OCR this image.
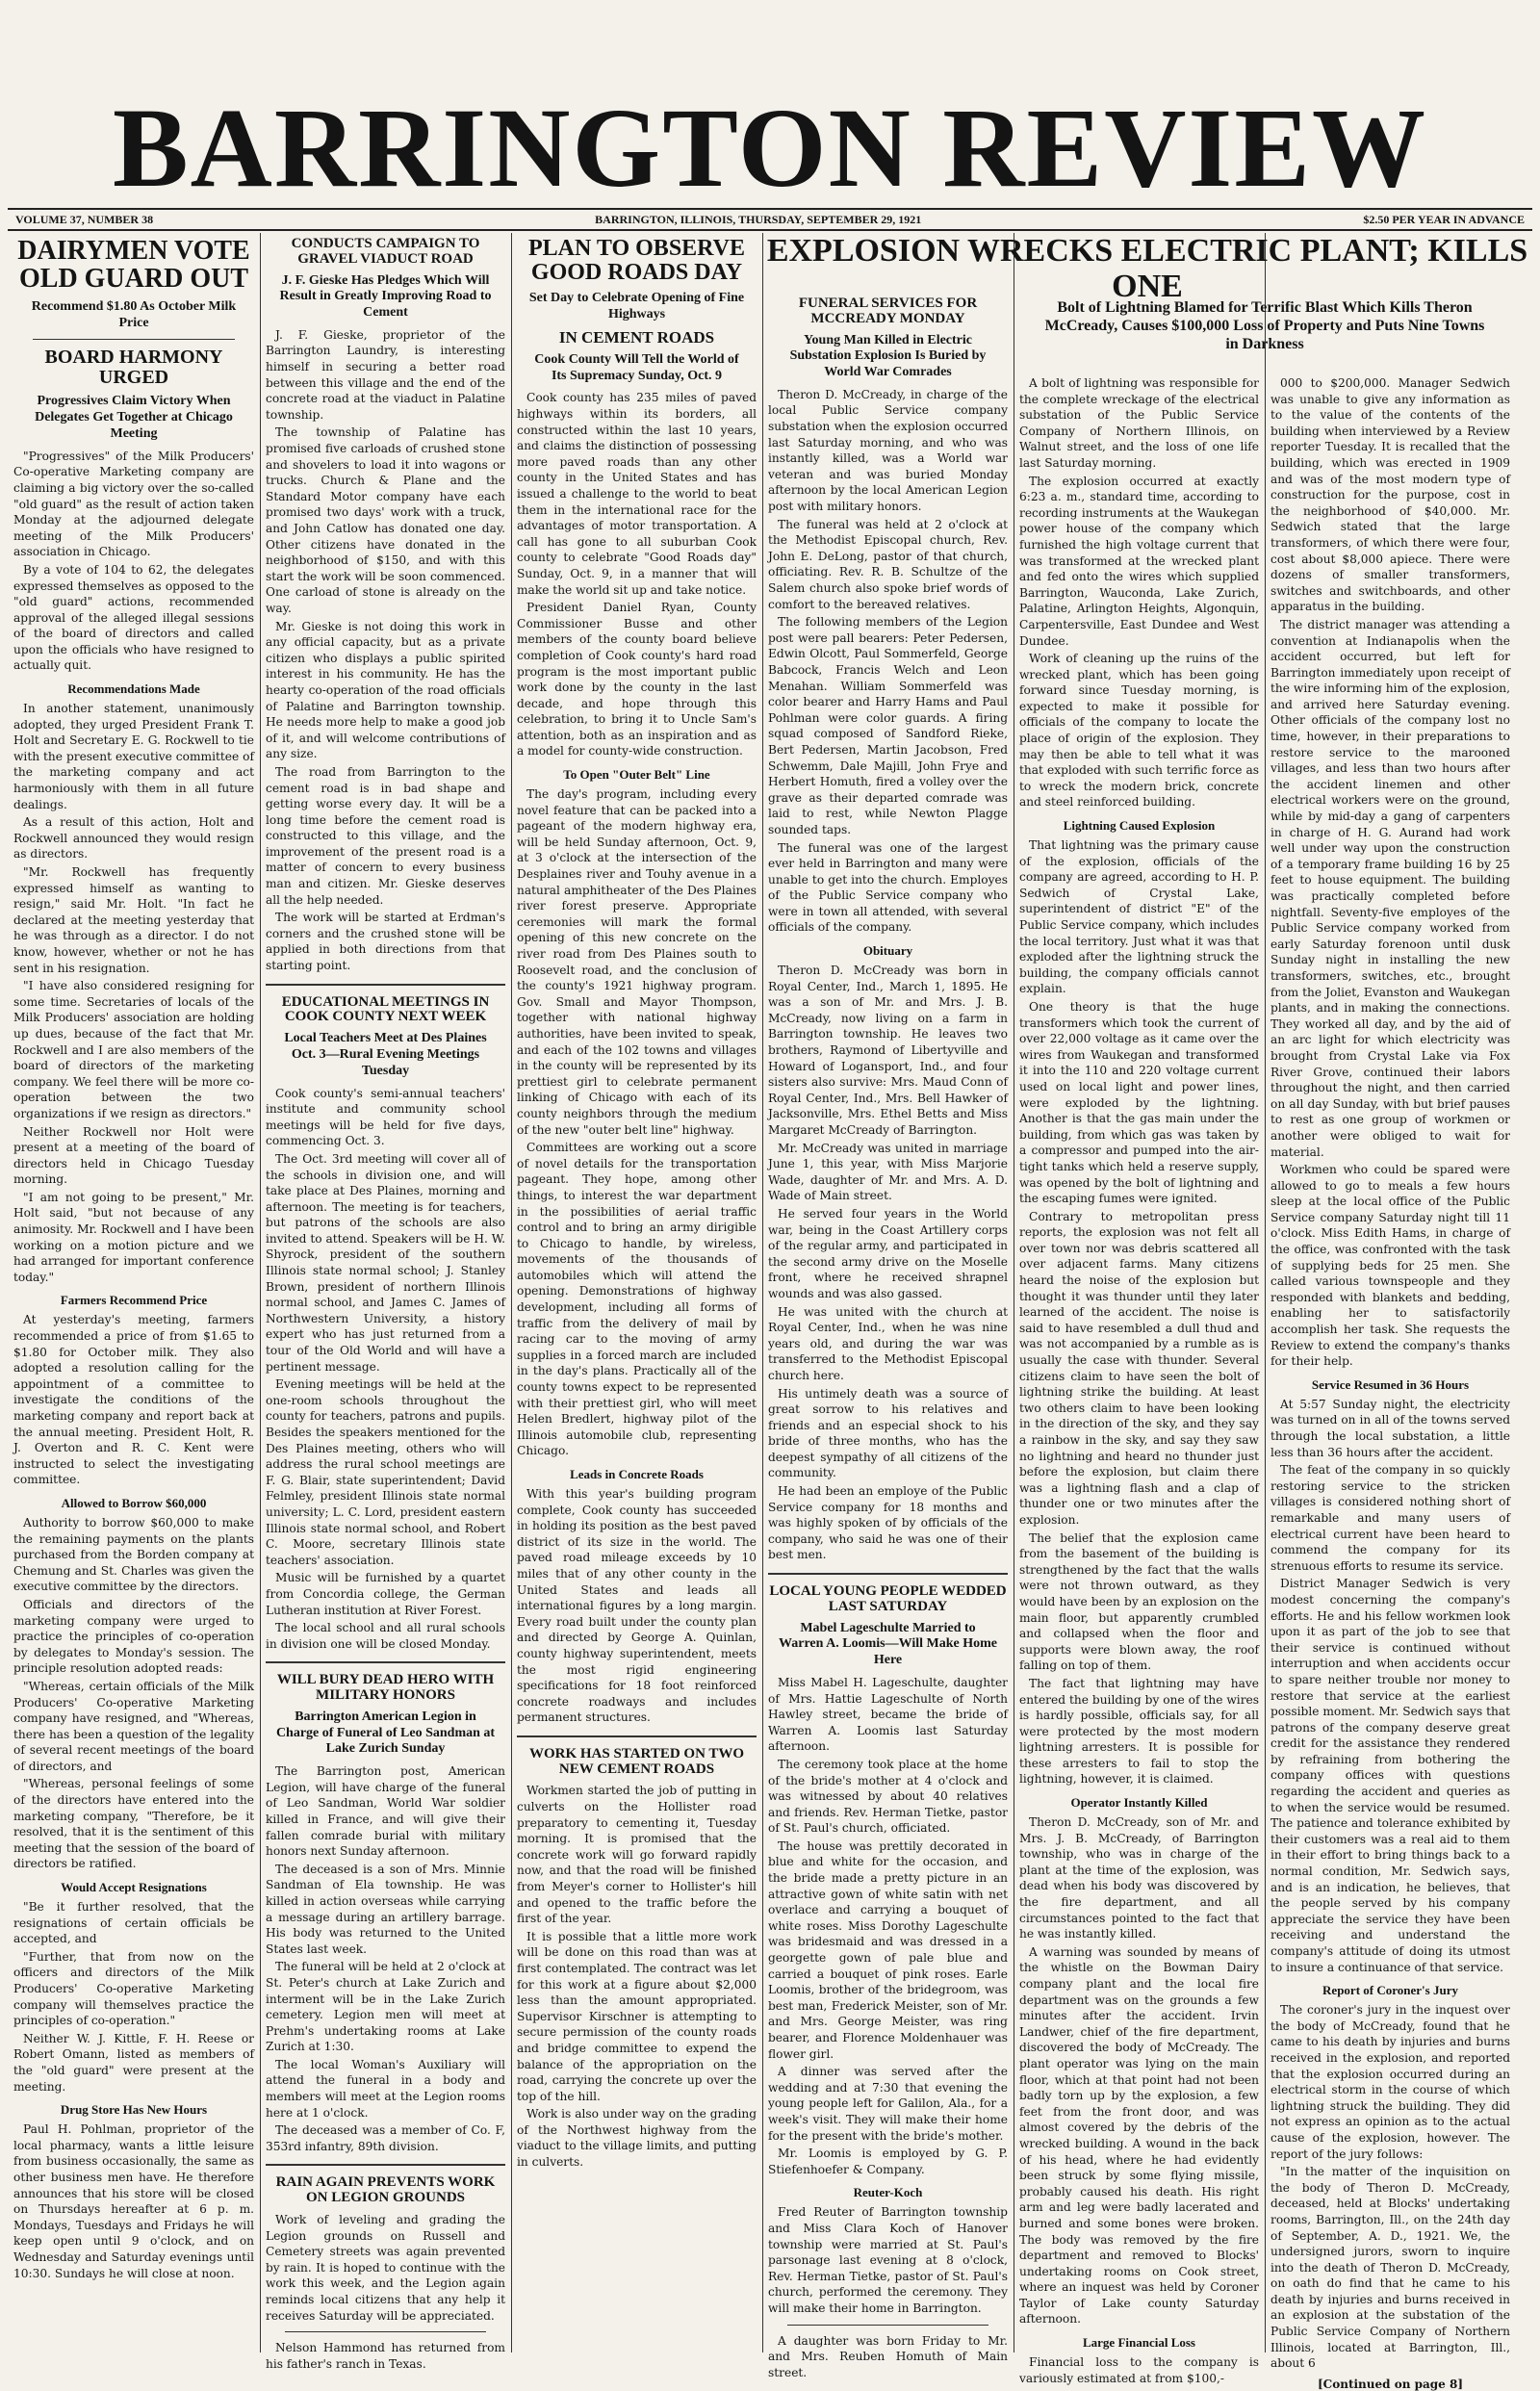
BARRINGTON REVIEW
VOLUME 37, NUMBER 38	BARRINGTON, ILLINOIS, THURSDAY, SEPTEMBER 29, 1921	$2.50 PER YEAR IN ADVANCE
DAIRYMEN VOTE OLD GUARD OUT
Recommend $1.80 As October Milk Price
BOARD HARMONY URGED
Progressives Claim Victory When Delegates Get Together at Chicago Meeting

"Progressives" of the Milk Producers' Co-operative Marketing company are claiming a big victory over the so-called "old guard" as the result of action taken Monday at the adjourned delegate meeting of the Milk Producers' association in Chicago.

By a vote of 104 to 62, the delegates expressed themselves as opposed to the "old guard" actions, recommended approval of the alleged illegal sessions of the board of directors and called upon the officials who have resigned to actually quit.

Recommendations Made

In another statement, unanimously adopted, they urged President Frank T. Holt and Secretary E. G. Rockwell to tie with the present executive committee of the marketing company and act harmoniously with them in all future dealings.

As a result of this action, Holt and Rockwell announced they would resign as directors.

"Mr. Rockwell has frequently expressed himself as wanting to resign," said Mr. Holt. "In fact he declared at the meeting yesterday that he was through as a director. I do not know, however, whether or not he has sent in his resignation.

"I have also considered resigning for some time. Secretaries of locals of the Milk Producers' association are holding up dues, because of the fact that Mr. Rockwell and I are also members of the board of directors of the marketing company. We feel there will be more co-operation between the two organizations if we resign as directors."

Neither Rockwell nor Holt were present at a meeting of the board of directors held in Chicago Tuesday morning.

"I am not going to be present," Mr. Holt said, "but not because of any animosity. Mr. Rockwell and I have been working on a motion picture and we had arranged for important conference today."

Farmers Recommend Price

At yesterday's meeting, farmers recommended a price of from $1.65 to $1.80 for October milk. They also adopted a resolution calling for the appointment of a committee to investigate the conditions of the marketing company and report back at the annual meeting. President Holt, R. J. Overton and R. C. Kent were instructed to select the investigating committee.

Allowed to Borrow $60,000

Authority to borrow $60,000 to make the remaining payments on the plants purchased from the Borden company at Chemung and St. Charles was given the executive committee by the directors.

Officials and directors of the marketing company were urged to practice the principles of co-operation by delegates to Monday's session. The principle resolution adopted reads:

"Whereas, certain officials of the Milk Producers' Co-operative Marketing company have resigned, and "Whereas, there has been a question of the legality of several recent meetings of the board of directors, and

"Whereas, personal feelings of some of the directors have entered into the marketing company, "Therefore, be it resolved, that it is the sentiment of this meeting that the session of the board of directors be ratified.

Would Accept Resignations

"Be it further resolved, that the resignations of certain officials be accepted, and

"Further, that from now on the officers and directors of the Milk Producers' Co-operative Marketing company will themselves practice the principles of co-operation."

Neither W. J. Kittle, F. H. Reese or Robert Omann, listed as members of the "old guard" were present at the meeting.

Drug Store Has New Hours

Paul H. Pohlman, proprietor of the local pharmacy, wants a little leisure from business occasionally, the same as other business men have. He therefore announces that his store will be closed on Thursdays hereafter at 6 p. m. Mondays, Tuesdays and Fridays he will keep open until 9 o'clock, and on Wednesday and Saturday evenings until 10:30. Sundays he will close at noon.

CONDUCTS CAMPAIGN TO GRAVEL VIADUCT ROAD
J. F. Gieske Has Pledges Which Will Result in Greatly Improving Road to Cement

J. F. Gieske, proprietor of the Barrington Laundry, is interesting himself in securing a better road between this village and the end of the concrete road at the viaduct in Palatine township.

The township of Palatine has promised five carloads of crushed stone and shovelers to load it into wagons or trucks. Church & Plane and the Standard Motor company have each promised two days' work with a truck, and John Catlow has donated one day. Other citizens have donated in the neighborhood of $150, and with this start the work will be soon commenced. One carload of stone is already on the way.

Mr. Gieske is not doing this work in any official capacity, but as a private citizen who displays a public spirited interest in his community. He has the hearty co-operation of the road officials of Palatine and Barrington township. He needs more help to make a good job of it, and will welcome contributions of any size.

The road from Barrington to the cement road is in bad shape and getting worse every day. It will be a long time before the cement road is constructed to this village, and the improvement of the present road is a matter of concern to every business man and citizen. Mr. Gieske deserves all the help needed.

The work will be started at Erdman's corners and the crushed stone will be applied in both directions from that starting point.

EDUCATIONAL MEETINGS IN COOK COUNTY NEXT WEEK
Local Teachers Meet at Des Plaines Oct. 3—Rural Evening Meetings Tuesday

Cook county's semi-annual teachers' institute and community school meetings will be held for five days, commencing Oct. 3.

The Oct. 3rd meeting will cover all of the schools in division one, and will take place at Des Plaines, morning and afternoon. The meeting is for teachers, but patrons of the schools are also invited to attend. Speakers will be H. W. Shyrock, president of the southern Illinois state normal school; J. Stanley Brown, president of northern Illinois normal school, and James C. James of Northwestern University, a history expert who has just returned from a tour of the Old World and will have a pertinent message.

Evening meetings will be held at the one-room schools throughout the county for teachers, patrons and pupils. Besides the speakers mentioned for the Des Plaines meeting, others who will address the rural school meetings are F. G. Blair, state superintendent; David Felmley, president Illinois state normal university; L. C. Lord, president eastern Illinois state normal school, and Robert C. Moore, secretary Illinois state teachers' association.

Music will be furnished by a quartet from Concordia college, the German Lutheran institution at River Forest.

The local school and all rural schools in division one will be closed Monday.

WILL BURY DEAD HERO WITH MILITARY HONORS
Barrington American Legion in Charge of Funeral of Leo Sandman at Lake Zurich Sunday

The Barrington post, American Legion, will have charge of the funeral of Leo Sandman, World War soldier killed in France, and will give their fallen comrade burial with military honors next Sunday afternoon.

The deceased is a son of Mrs. Minnie Sandman of Ela township. He was killed in action overseas while carrying a message during an artillery barrage. His body was returned to the United States last week.

The funeral will be held at 2 o'clock at St. Peter's church at Lake Zurich and interment will be in the Lake Zurich cemetery. Legion men will meet at Prehm's undertaking rooms at Lake Zurich at 1:30.

The local Woman's Auxiliary will attend the funeral in a body and members will meet at the Legion rooms here at 1 o'clock.

The deceased was a member of Co. F, 353rd infantry, 89th division.

RAIN AGAIN PREVENTS WORK ON LEGION GROUNDS

Work of leveling and grading the Legion grounds on Russell and Cemetery streets was again prevented by rain. It is hoped to continue with the work this week, and the Legion again reminds local citizens that any help it receives Saturday will be appreciated.

Nelson Hammond has returned from his father's ranch in Texas.

PLAN TO OBSERVE GOOD ROADS DAY
Set Day to Celebrate Opening of Fine Highways
IN CEMENT ROADS
Cook County Will Tell the World of Its Supremacy Sunday, Oct. 9

Cook county has 235 miles of paved highways within its borders, all constructed within the last 10 years, and claims the distinction of possessing more paved roads than any other county in the United States and has issued a challenge to the world to beat them in the international race for the advantages of motor transportation. A call has gone to all suburban Cook county to celebrate "Good Roads day" Sunday, Oct. 9, in a manner that will make the world sit up and take notice.

President Daniel Ryan, County Commissioner Busse and other members of the county board believe completion of Cook county's hard road program is the most important public work done by the county in the last decade, and hope through this celebration, to bring it to Uncle Sam's attention, both as an inspiration and as a model for county-wide construction.

To Open "Outer Belt" Line

The day's program, including every novel feature that can be packed into a pageant of the modern highway era, will be held Sunday afternoon, Oct. 9, at 3 o'clock at the intersection of the Desplaines river and Touhy avenue in a natural amphitheater of the Des Plaines river forest preserve. Appropriate ceremonies will mark the formal opening of this new concrete on the river road from Des Plaines south to Roosevelt road, and the conclusion of the county's 1921 highway program. Gov. Small and Mayor Thompson, together with national highway authorities, have been invited to speak, and each of the 102 towns and villages in the county will be represented by its prettiest girl to celebrate permanent linking of Chicago with each of its county neighbors through the medium of the new "outer belt line" highway.

Committees are working out a score of novel details for the transportation pageant. They hope, among other things, to interest the war department in the possibilities of aerial traffic control and to bring an army dirigible to Chicago to handle, by wireless, movements of the thousands of automobiles which will attend the opening. Demonstrations of highway development, including all forms of traffic from the delivery of mail by racing car to the moving of army supplies in a forced march are included in the day's plans. Practically all of the county towns expect to be represented with their prettiest girl, who will meet Helen Bredlert, highway pilot of the Illinois automobile club, representing Chicago.

Leads in Concrete Roads

With this year's building program complete, Cook county has succeeded in holding its position as the best paved district of its size in the world. The paved road mileage exceeds by 10 miles that of any other county in the United States and leads all international figures by a long margin. Every road built under the county plan and directed by George A. Quinlan, county highway superintendent, meets the most rigid engineering specifications for 18 foot reinforced concrete roadways and includes permanent structures.

WORK HAS STARTED ON TWO NEW CEMENT ROADS

Workmen started the job of putting in culverts on the Hollister road preparatory to cementing it, Tuesday morning. It is promised that the concrete work will go forward rapidly now, and that the road will be finished from Meyer's corner to Hollister's hill and opened to the traffic before the first of the year.

It is possible that a little more work will be done on this road than was at first contemplated. The contract was let for this work at a figure about $2,000 less than the amount appropriated. Supervisor Kirschner is attempting to secure permission of the county roads and bridge committee to expend the balance of the appropriation on the road, carrying the concrete up over the top of the hill.

Work is also under way on the grading of the Northwest highway from the viaduct to the village limits, and putting in culverts.

EXPLOSION WRECKS ELECTRIC PLANT; KILLS ONE
FUNERAL SERVICES FOR MCCREADY MONDAY
Young Man Killed in Electric Substation Explosion Is Buried by World War Comrades

Theron D. McCready, in charge of the local Public Service company substation when the explosion occurred last Saturday morning, and who was instantly killed, was a World war veteran and was buried Monday afternoon by the local American Legion post with military honors.

The funeral was held at 2 o'clock at the Methodist Episcopal church, Rev. John E. DeLong, pastor of that church, officiating. Rev. R. B. Schultze of the Salem church also spoke brief words of comfort to the bereaved relatives.

The following members of the Legion post were pall bearers: Peter Pedersen, Edwin Olcott, Paul Sommerfeld, George Babcock, Francis Welch and Leon Menahan. William Sommerfeld was color bearer and Harry Hams and Paul Pohlman were color guards. A firing squad composed of Sandford Rieke, Bert Pedersen, Martin Jacobson, Fred Schwemm, Dale Majill, John Frye and Herbert Homuth, fired a volley over the grave as their departed comrade was laid to rest, while Newton Plagge sounded taps.

The funeral was one of the largest ever held in Barrington and many were unable to get into the church. Employes of the Public Service company who were in town all attended, with several officials of the company.

Obituary

Theron D. McCready was born in Royal Center, Ind., March 1, 1895. He was a son of Mr. and Mrs. J. B. McCready, now living on a farm in Barrington township. He leaves two brothers, Raymond of Libertyville and Howard of Logansport, Ind., and four sisters also survive: Mrs. Maud Conn of Royal Center, Ind., Mrs. Bell Hawker of Jacksonville, Mrs. Ethel Betts and Miss Margaret McCready of Barrington.

Mr. McCready was united in marriage June 1, this year, with Miss Marjorie Wade, daughter of Mr. and Mrs. A. D. Wade of Main street.

He served four years in the World war, being in the Coast Artillery corps of the regular army, and participated in the second army drive on the Moselle front, where he received shrapnel wounds and was also gassed.

He was united with the church at Royal Center, Ind., when he was nine years old, and during the war was transferred to the Methodist Episcopal church here.

His untimely death was a source of great sorrow to his relatives and friends and an especial shock to his bride of three months, who has the deepest sympathy of all citizens of the community.

He had been an employe of the Public Service company for 18 months and was highly spoken of by officials of the company, who said he was one of their best men.

LOCAL YOUNG PEOPLE WEDDED LAST SATURDAY
Mabel Lageschulte Married to Warren A. Loomis—Will Make Home Here

Miss Mabel H. Lageschulte, daughter of Mrs. Hattie Lageschulte of North Hawley street, became the bride of Warren A. Loomis last Saturday afternoon.

The ceremony took place at the home of the bride's mother at 4 o'clock and was witnessed by about 40 relatives and friends. Rev. Herman Tietke, pastor of St. Paul's church, officiated.

The house was prettily decorated in blue and white for the occasion, and the bride made a pretty picture in an attractive gown of white satin with net overlace and carrying a bouquet of white roses. Miss Dorothy Lageschulte was bridesmaid and was dressed in a georgette gown of pale blue and carried a bouquet of pink roses. Earle Loomis, brother of the bridegroom, was best man, Frederick Meister, son of Mr. and Mrs. George Meister, was ring bearer, and Florence Moldenhauer was flower girl.

A dinner was served after the wedding and at 7:30 that evening the young people left for Galilon, Ala., for a week's visit. They will make their home for the present with the bride's mother.

Mr. Loomis is employed by G. P. Stiefenhoefer & Company.

Reuter-Koch

Fred Reuter of Barrington township and Miss Clara Koch of Hanover township were married at St. Paul's parsonage last evening at 8 o'clock, Rev. Herman Tietke, pastor of St. Paul's church, performed the ceremony. They will make their home in Barrington.

A daughter was born Friday to Mr. and Mrs. Reuben Homuth of Main street.

Bolt of Lightning Blamed for Terrific Blast Which Kills Theron McCready, Causes $100,000 Loss of Property and Puts Nine Towns in Darkness

A bolt of lightning was responsible for the complete wreckage of the electrical substation of the Public Service Company of Northern Illinois, on Walnut street, and the loss of one life last Saturday morning.

The explosion occurred at exactly 6:23 a. m., standard time, according to recording instruments at the Waukegan power house of the company which furnished the high voltage current that was transformed at the wrecked plant and fed onto the wires which supplied Barrington, Wauconda, Lake Zurich, Palatine, Arlington Heights, Algonquin, Carpentersville, East Dundee and West Dundee.

Work of cleaning up the ruins of the wrecked plant, which has been going forward since Tuesday morning, is expected to make it possible for officials of the company to locate the place of origin of the explosion. They may then be able to tell what it was that exploded with such terrific force as to wreck the modern brick, concrete and steel reinforced building.

Lightning Caused Explosion

That lightning was the primary cause of the explosion, officials of the company are agreed, according to H. P. Sedwich of Crystal Lake, superintendent of district "E" of the Public Service company, which includes the local territory. Just what it was that exploded after the lightning struck the building, the company officials cannot explain.

One theory is that the huge transformers which took the current of over 22,000 voltage as it came over the wires from Waukegan and transformed it into the 110 and 220 voltage current used on local light and power lines, were exploded by the lightning. Another is that the gas main under the building, from which gas was taken by a compressor and pumped into the air-tight tanks which held a reserve supply, was opened by the bolt of lightning and the escaping fumes were ignited.

Contrary to metropolitan press reports, the explosion was not felt all over town nor was debris scattered all over adjacent farms. Many citizens heard the noise of the explosion but thought it was thunder until they later learned of the accident. The noise is said to have resembled a dull thud and was not accompanied by a rumble as is usually the case with thunder. Several citizens claim to have seen the bolt of lightning strike the building. At least two others claim to have been looking in the direction of the sky, and they say a rainbow in the sky, and say they saw no lightning and heard no thunder just before the explosion, but claim there was a lightning flash and a clap of thunder one or two minutes after the explosion.

The belief that the explosion came from the basement of the building is strengthened by the fact that the walls were not thrown outward, as they would have been by an explosion on the main floor, but apparently crumbled and collapsed when the floor and supports were blown away, the roof falling on top of them.

The fact that lightning may have entered the building by one of the wires is hardly possible, officials say, for all were protected by the most modern lightning arresters. It is possible for these arresters to fail to stop the lightning, however, it is claimed.

Operator Instantly Killed

Theron D. McCready, son of Mr. and Mrs. J. B. McCready, of Barrington township, who was in charge of the plant at the time of the explosion, was dead when his body was discovered by the fire department, and all circumstances pointed to the fact that he was instantly killed.

A warning was sounded by means of the whistle on the Bowman Dairy company plant and the local fire department was on the grounds a few minutes after the accident. Irvin Landwer, chief of the fire department, discovered the body of McCready. The plant operator was lying on the main floor, which at that point had not been badly torn up by the explosion, a few feet from the front door, and was almost covered by the debris of the wrecked building. A wound in the back of his head, where he had evidently been struck by some flying missile, probably caused his death. His right arm and leg were badly lacerated and burned and some bones were broken. The body was removed by the fire department and removed to Blocks' undertaking rooms on Cook street, where an inquest was held by Coroner Taylor of Lake county Saturday afternoon.

Large Financial Loss

Financial loss to the company is variously estimated at from $100,-

000 to $200,000. Manager Sedwich was unable to give any information as to the value of the contents of the building when interviewed by a Review reporter Tuesday. It is recalled that the building, which was erected in 1909 and was of the most modern type of construction for the purpose, cost in the neighborhood of $40,000. Mr. Sedwich stated that the large transformers, of which there were four, cost about $8,000 apiece. There were dozens of smaller transformers, switches and switchboards, and other apparatus in the building.

The district manager was attending a convention at Indianapolis when the accident occurred, but left for Barrington immediately upon receipt of the wire informing him of the explosion, and arrived here Saturday evening. Other officials of the company lost no time, however, in their preparations to restore service to the marooned villages, and less than two hours after the accident linemen and other electrical workers were on the ground, while by mid-day a gang of carpenters in charge of H. G. Aurand had work well under way upon the construction of a temporary frame building 16 by 25 feet to house equipment. The building was practically completed before nightfall. Seventy-five employes of the Public Service company worked from early Saturday forenoon until dusk Sunday night in installing the new transformers, switches, etc., brought from the Joliet, Evanston and Waukegan plants, and in making the connections. They worked all day, and by the aid of an arc light for which electricity was brought from Crystal Lake via Fox River Grove, continued their labors throughout the night, and then carried on all day Sunday, with but brief pauses to rest as one group of workmen or another were obliged to wait for material.

Workmen who could be spared were allowed to go to meals a few hours sleep at the local office of the Public Service company Saturday night till 11 o'clock. Miss Edith Hams, in charge of the office, was confronted with the task of supplying beds for 25 men. She called various townspeople and they responded with blankets and bedding, enabling her to satisfactorily accomplish her task. She requests the Review to extend the company's thanks for their help.

Service Resumed in 36 Hours

At 5:57 Sunday night, the electricity was turned on in all of the towns served through the local substation, a little less than 36 hours after the accident.

The feat of the company in so quickly restoring service to the stricken villages is considered nothing short of remarkable and many users of electrical current have been heard to commend the company for its strenuous efforts to resume its service.

District Manager Sedwich is very modest concerning the company's efforts. He and his fellow workmen look upon it as part of the job to see that their service is continued without interruption and when accidents occur to spare neither trouble nor money to restore that service at the earliest possible moment. Mr. Sedwich says that patrons of the company deserve great credit for the assistance they rendered by refraining from bothering the company offices with questions regarding the accident and queries as to when the service would be resumed. The patience and tolerance exhibited by their customers was a real aid to them in their effort to bring things back to a normal condition, Mr. Sedwich says, and is an indication, he believes, that the people served by his company appreciate the service they have been receiving and understand the company's attitude of doing its utmost to insure a continuance of that service.

Report of Coroner's Jury

The coroner's jury in the inquest over the body of McCready, found that he came to his death by injuries and burns received in the explosion, and reported that the explosion occurred during an electrical storm in the course of which lightning struck the building. They did not express an opinion as to the actual cause of the explosion, however. The report of the jury follows:

"In the matter of the inquisition on the body of Theron D. McCready, deceased, held at Blocks' undertaking rooms, Barrington, Ill., on the 24th day of September, A. D., 1921. We, the undersigned jurors, sworn to inquire into the death of Theron D. McCready, on oath do find that he came to his death by injuries and burns received in an explosion at the substation of the Public Service Company of Northern Illinois, located at Barrington, Ill., about 6

[Continued on page 8]
